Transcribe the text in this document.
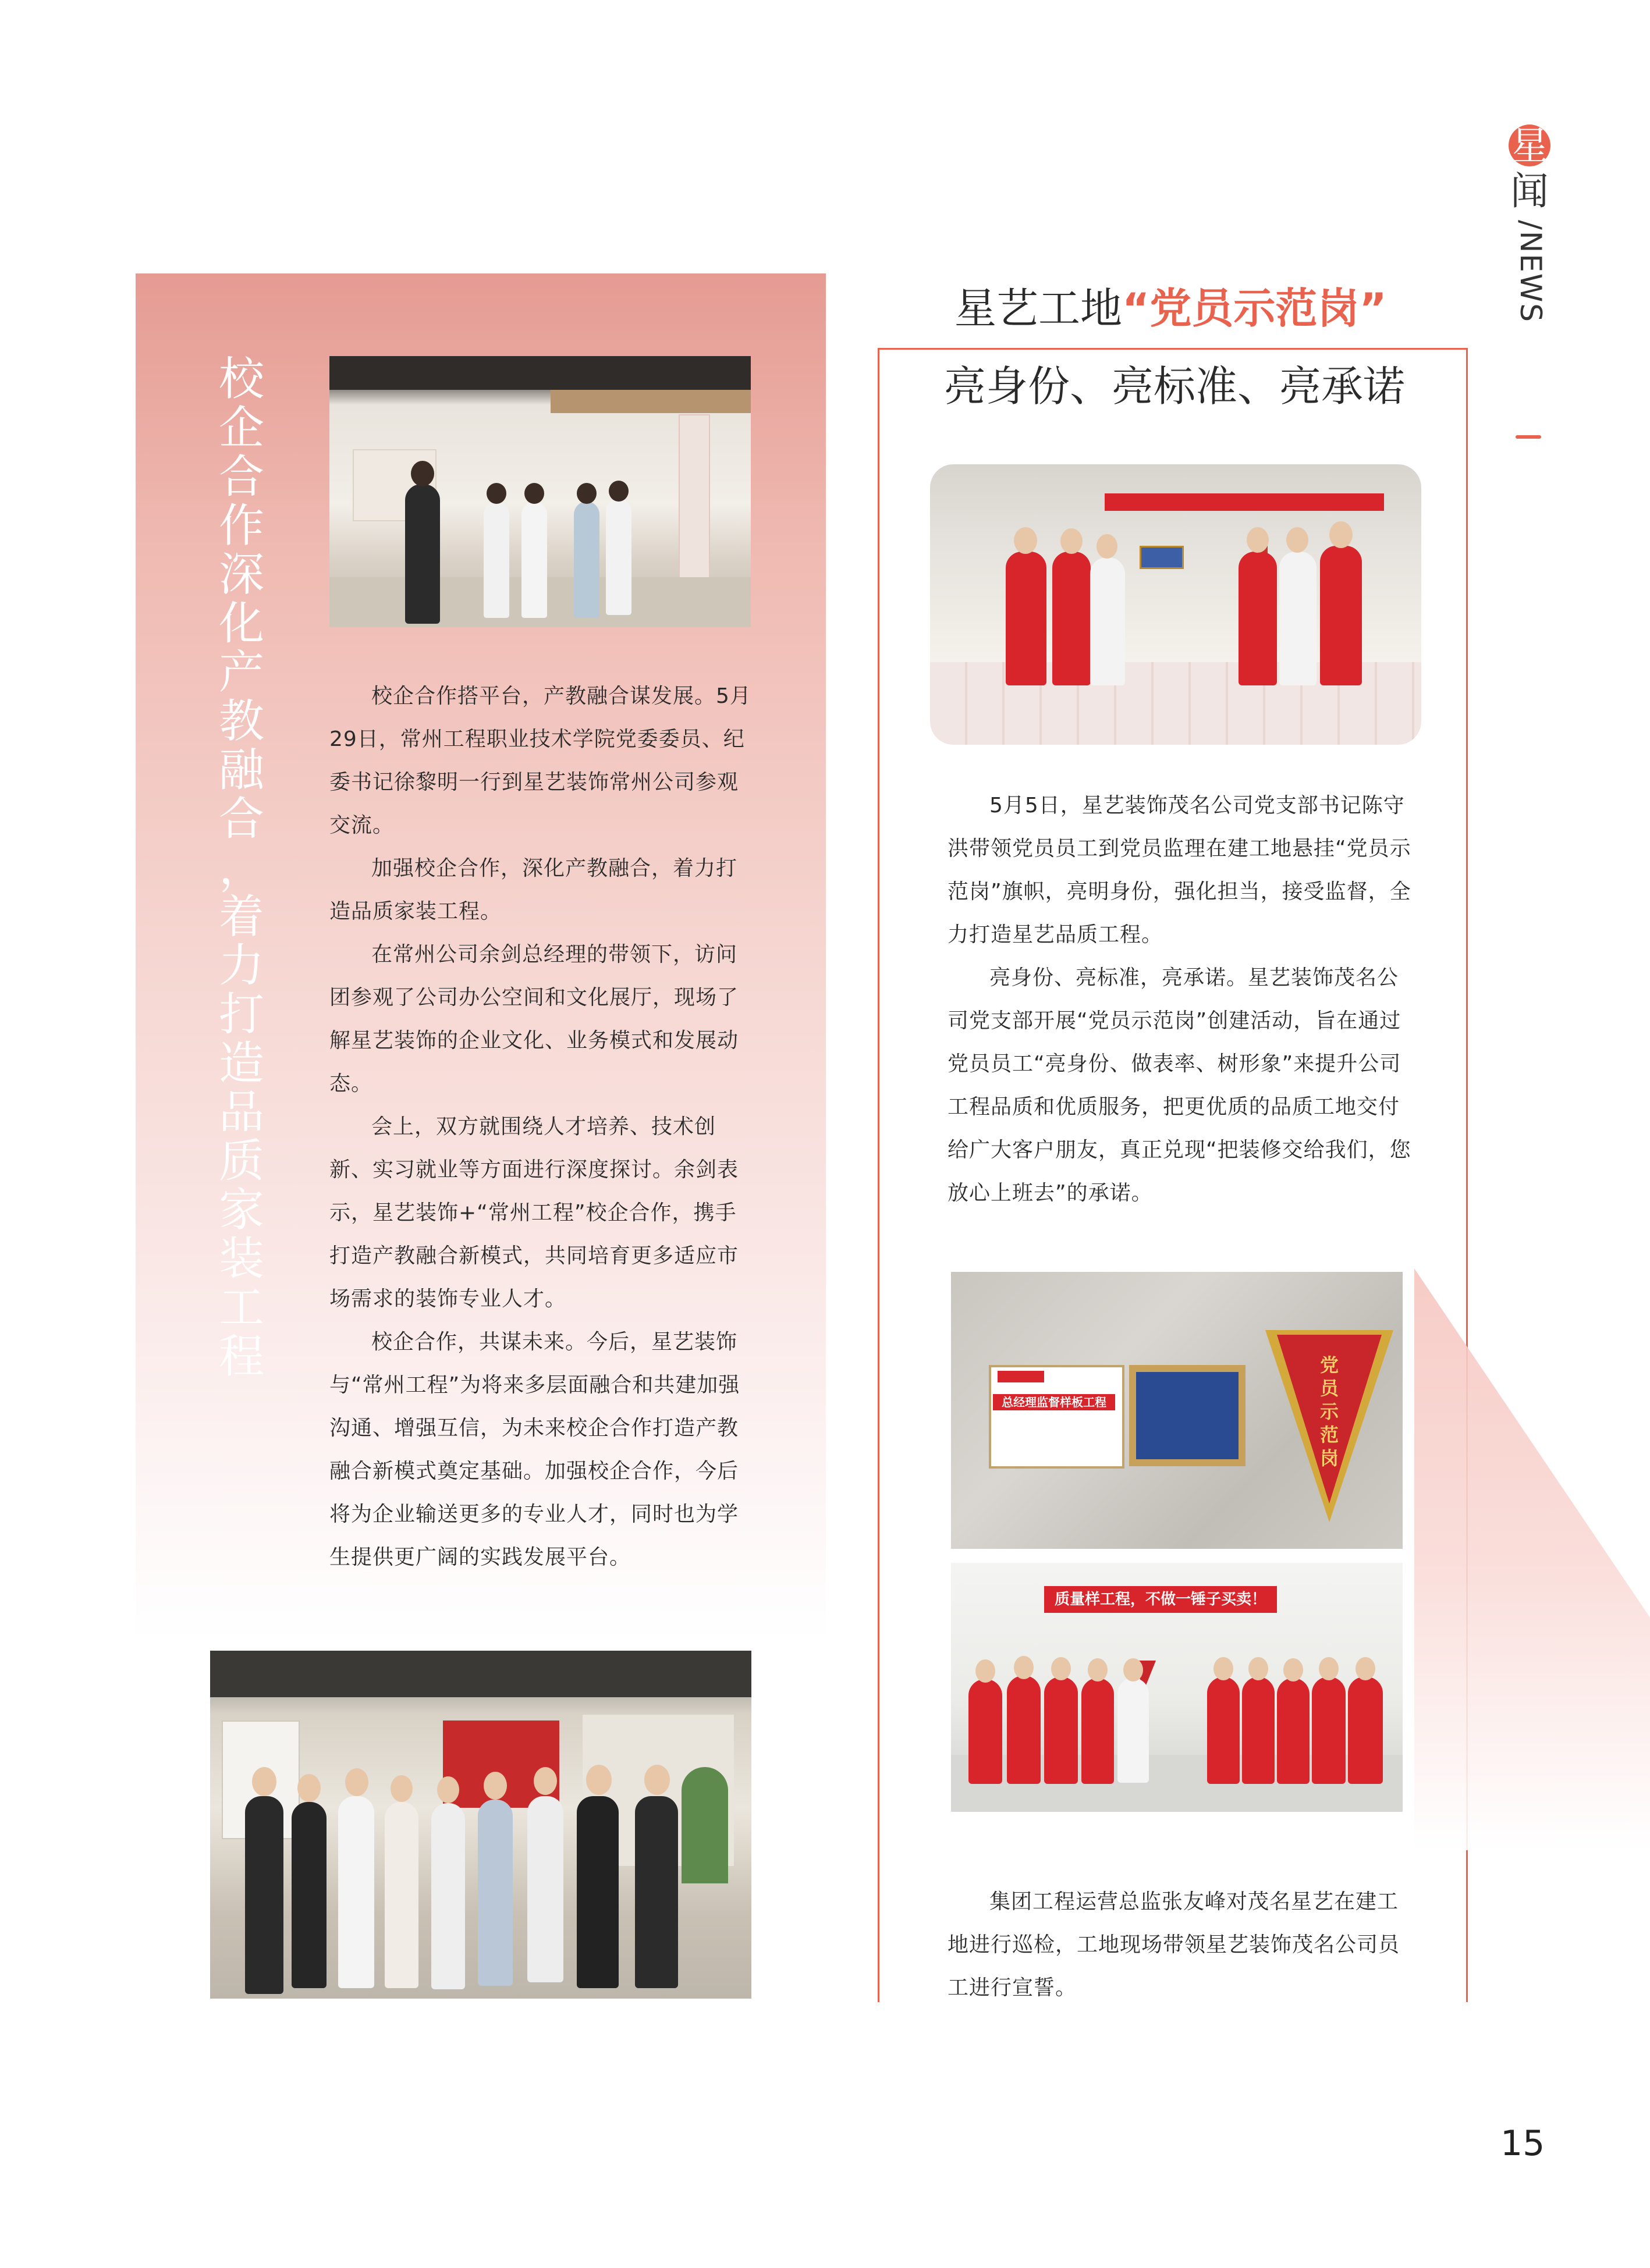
星
闻
/NEWS
校
企
合
作
深
化
产
教
融
合
，
着
力
打
造
品
质
家
装
工
程

校企合作搭平台，产教融合谋发展。5月29日，常州工程职业技术学院党委委员、纪委书记徐黎明一行到星艺装饰常州公司参观交流。

加强校企合作，深化产教融合，着力打造品质家装工程。

在常州公司余剑总经理的带领下，访问团参观了公司办公空间和文化展厅，现场了解星艺装饰的企业文化、业务模式和发展动态。

会上，双方就围绕人才培养、技术创新、实习就业等方面进行深度探讨。余剑表示，星艺装饰+“常州工程”校企合作，携手打造产教融合新模式，共同培育更多适应市场需求的装饰专业人才。

校企合作，共谋未来。今后，星艺装饰与“常州工程”为将来多层面融合和共建加强沟通、增强互信，为未来校企合作打造产教融合新模式奠定基础。加强校企合作，今后将为企业输送更多的专业人才，同时也为学生提供更广阔的实践发展平台。

星艺工地“党员示范岗”
亮身份、亮标准、亮承诺

5月5日，星艺装饰茂名公司党支部书记陈守洪带领党员员工到党员监理在建工地悬挂“党员示范岗”旗帜，亮明身份，强化担当，接受监督，全力打造星艺品质工程。

亮身份、亮标准，亮承诺。星艺装饰茂名公司党支部开展“党员示范岗”创建活动，旨在通过党员员工“亮身份、做表率、树形象”来提升公司工程品质和优质服务，把更优质的品质工地交付给广大客户朋友，真正兑现“把装修交给我们，您放心上班去”的承诺。

总经理监督样板工程
党员示范岗
质量样工程，不做一锤子买卖！

集团工程运营总监张友峰对茂名星艺在建工地进行巡检，工地现场带领星艺装饰茂名公司员工进行宣誓。

15
